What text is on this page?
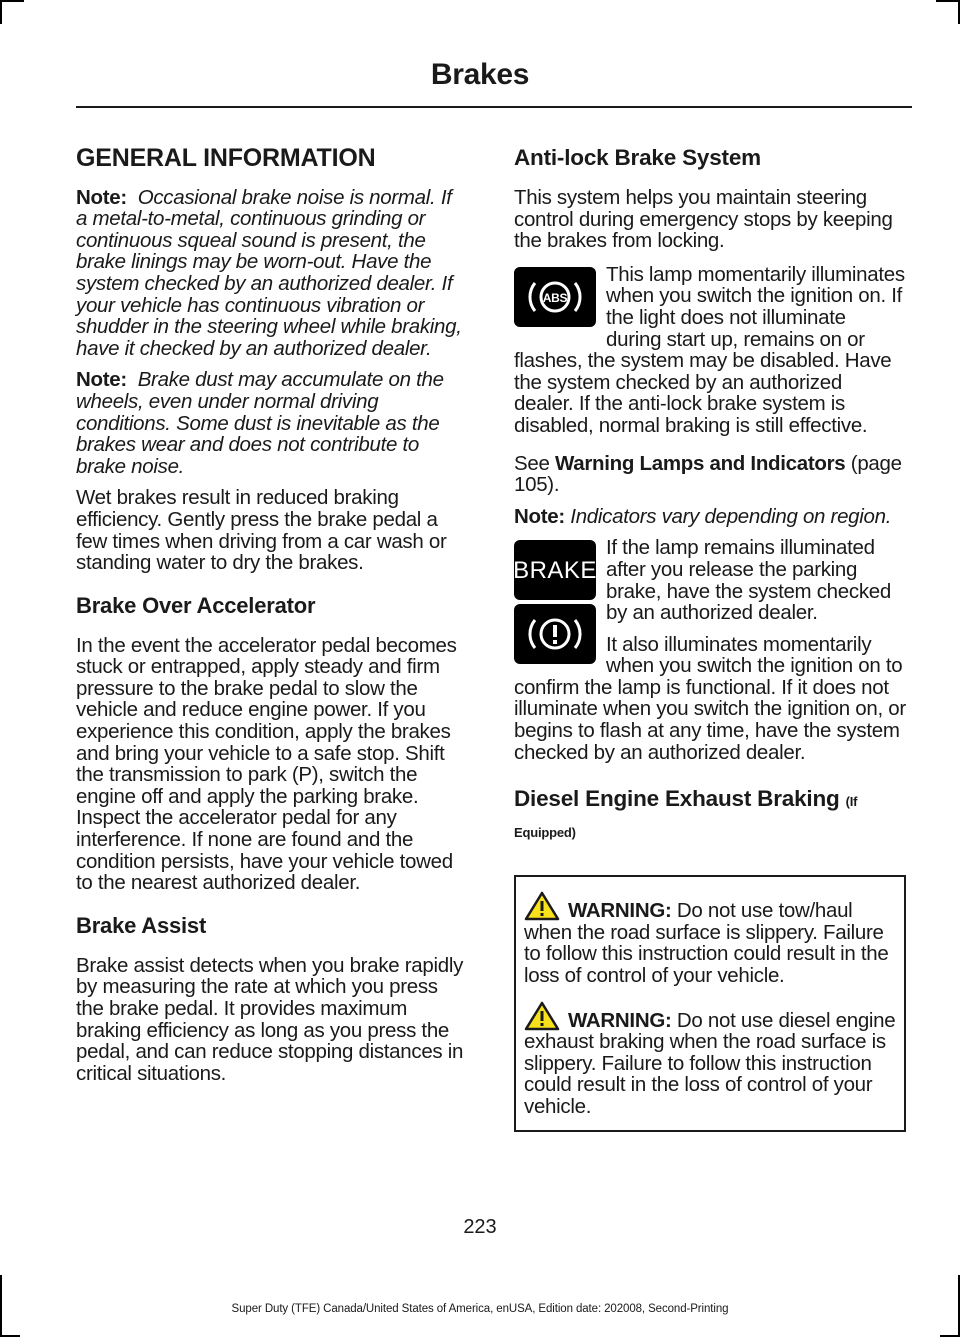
Brakes
GENERAL INFORMATION

Note: Occasional brake noise is normal. If a metal-to-metal, continuous grinding or continuous squeal sound is present, the brake linings may be worn-out. Have the system checked by an authorized dealer. If your vehicle has continuous vibration or shudder in the steering wheel while braking, have it checked by an authorized dealer.

Note: Brake dust may accumulate on the wheels, even under normal driving conditions. Some dust is inevitable as the brakes wear and does not contribute to brake noise.

Wet brakes result in reduced braking efficiency. Gently press the brake pedal a few times when driving from a car wash or standing water to dry the brakes.

Brake Over Accelerator

In the event the accelerator pedal becomes stuck or entrapped, apply steady and firm pressure to the brake pedal to slow the vehicle and reduce engine power. If you experience this condition, apply the brakes and bring your vehicle to a safe stop. Shift the transmission to park (P), switch the engine off and apply the parking brake. Inspect the accelerator pedal for any interference. If none are found and the condition persists, have your vehicle towed to the nearest authorized dealer.

Brake Assist

Brake assist detects when you brake rapidly by measuring the rate at which you press the brake pedal. It provides maximum braking efficiency as long as you press the pedal, and can reduce stopping distances in critical situations.

Anti-lock Brake System

This system helps you maintain steering control during emergency stops by keeping the brakes from locking.

ABS

This lamp momentarily illuminates when you switch the ignition on. If the light does not illuminate during start up, remains on or flashes, the system may be disabled. Have the system checked by an authorized dealer. If the anti-lock brake system is disabled, normal braking is still effective.

See Warning Lamps and Indicators (page 105).

Note: Indicators vary depending on region.

BRAKE

If the lamp remains illuminated after you release the parking brake, have the system checked by an authorized dealer.

It also illuminates momentarily when you switch the ignition on to confirm the lamp is functional. If it does not illuminate when you switch the ignition on, or begins to flash at any time, have the system checked by an authorized dealer.

Diesel Engine Exhaust Braking (If Equipped)

WARNING: Do not use tow/haul when the road surface is slippery. Failure to follow this instruction could result in the loss of control of your vehicle.

WARNING: Do not use diesel engine exhaust braking when the road surface is slippery. Failure to follow this instruction could result in the loss of control of your vehicle.

223
Super Duty (TFE) Canada/United States of America, enUSA, Edition date: 202008, Second-Printing
